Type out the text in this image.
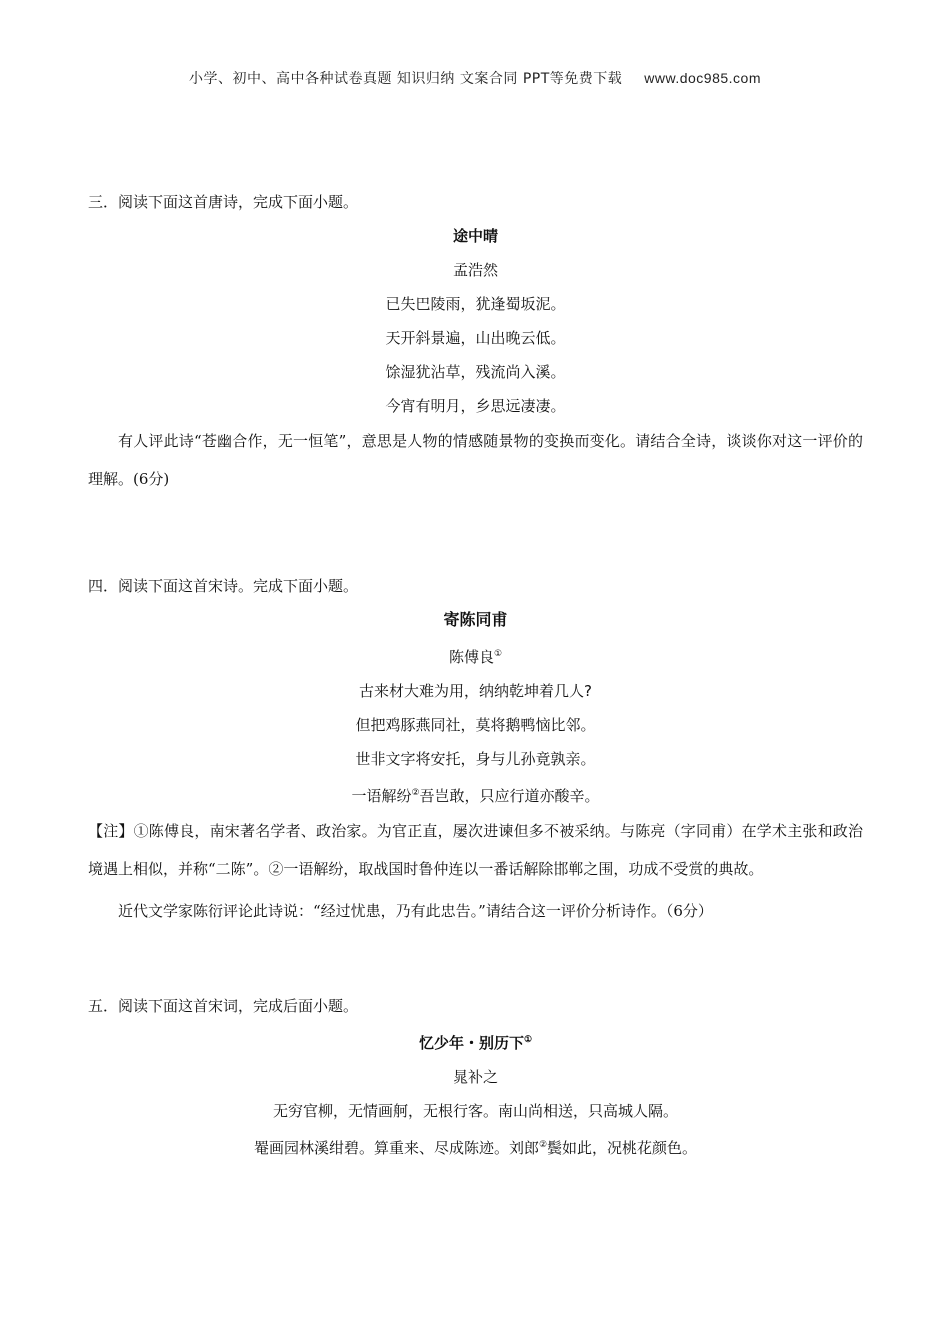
小学、初中、高中各种试卷真题 知识归纳 文案合同 PPT等免费下载 www.doc985.com
三．阅读下面这首唐诗，完成下面小题。
途中晴
孟浩然
已失巴陵雨，犹逢蜀坂泥。
天开斜景遍，山出晚云低。
馀湿犹沾草，残流尚入溪。
今宵有明月，乡思远凄凄。
有人评此诗“苍幽合作，无一恒笔”，意思是人物的情感随景物的变换而变化。请结合全诗，谈谈你对这一评价的理解。(6分)
四．阅读下面这首宋诗。完成下面小题。
寄陈同甫
陈傅良①
古来材大难为用，纳纳乾坤着几人?
但把鸡豚燕同社，莫将鹅鸭恼比邻。
世非文字将安托，身与儿孙竟孰亲。
一语解纷②吾岂敢，只应行道亦酸辛。
【注】①陈傅良，南宋著名学者、政治家。为官正直，屡次进谏但多不被采纳。与陈亮（字同甫）在学术主张和政治境遇上相似，并称“二陈”。②一语解纷，取战国时鲁仲连以一番话解除邯郸之围，功成不受赏的典故。
近代文学家陈衍评论此诗说：“经过忧患，乃有此忠告。”请结合这一评价分析诗作。（6分）
五．阅读下面这首宋词，完成后面小题。
忆少年・别历下①
晁补之
无穷官柳，无情画舸，无根行客。南山尚相送，只高城人隔。
罨画园林溪绀碧。算重来、尽成陈迹。刘郎②鬓如此，况桃花颜色。
